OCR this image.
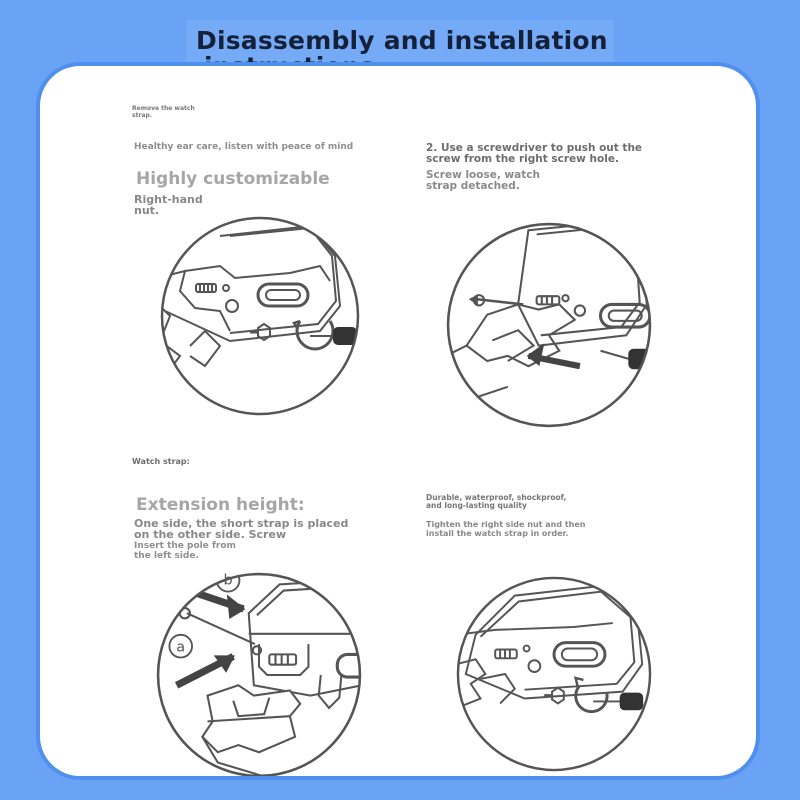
Disassembly and installation

Remove the watch
strap.

Healthy ear care, listen with peace of mind

Highly customizable

Right-hand
nut.

2. Use a screwdriver to push out the
screw from the right screw hole.

Screw loose, watch
strap detached.

Watch strap:

Extension height:

One side, the short strap is placed
on the other side. Screw

Insert the pole from
the left side.

b
a

Durable, waterproof, shockproof,
and long-lasting quality

Tighten the right side nut and then
install the watch strap in order.
